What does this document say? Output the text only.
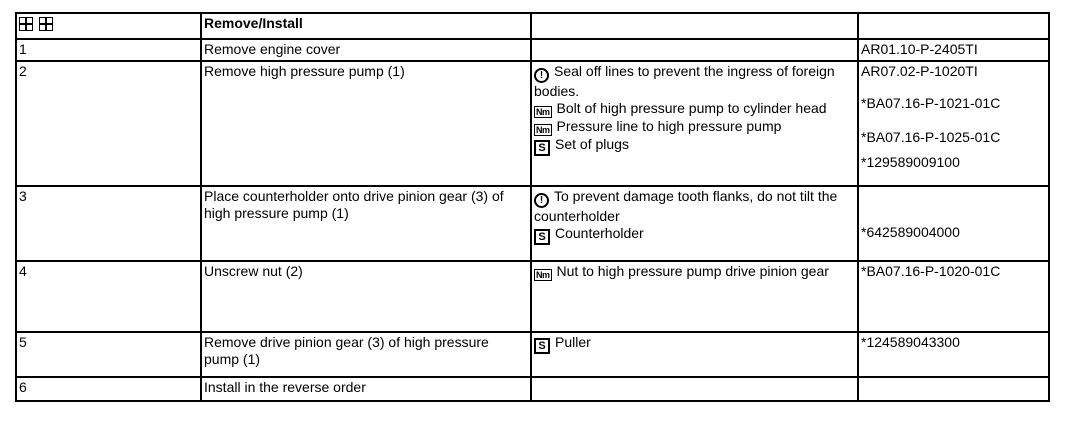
	Remove/Install		
1	Remove engine cover		AR01.10-P-2405TI

2	Remove high pressure pump (1)	! Seal off lines to prevent the ingress of foreign bodies.
Nm Bolt of high pressure pump to cylinder head
Nm Pressure line to high pressure pump
S Set of plugs	AR07.02-P-1020TI
*BA07.16-P-1021-01C
*BA07.16-P-1025-01C
*129589009100

3	Place counterholder onto drive pinion gear (3) of high pressure pump (1)	! To prevent damage tooth flanks, do not tilt the counterholder
S Counterholder	*642589004000

4	Unscrew nut (2)	Nm Nut to high pressure pump drive pinion gear	*BA07.16-P-1020-01C

5	Remove drive pinion gear (3) of high pressure pump (1)	S Puller	*124589043300

6	Install in the reverse order		
